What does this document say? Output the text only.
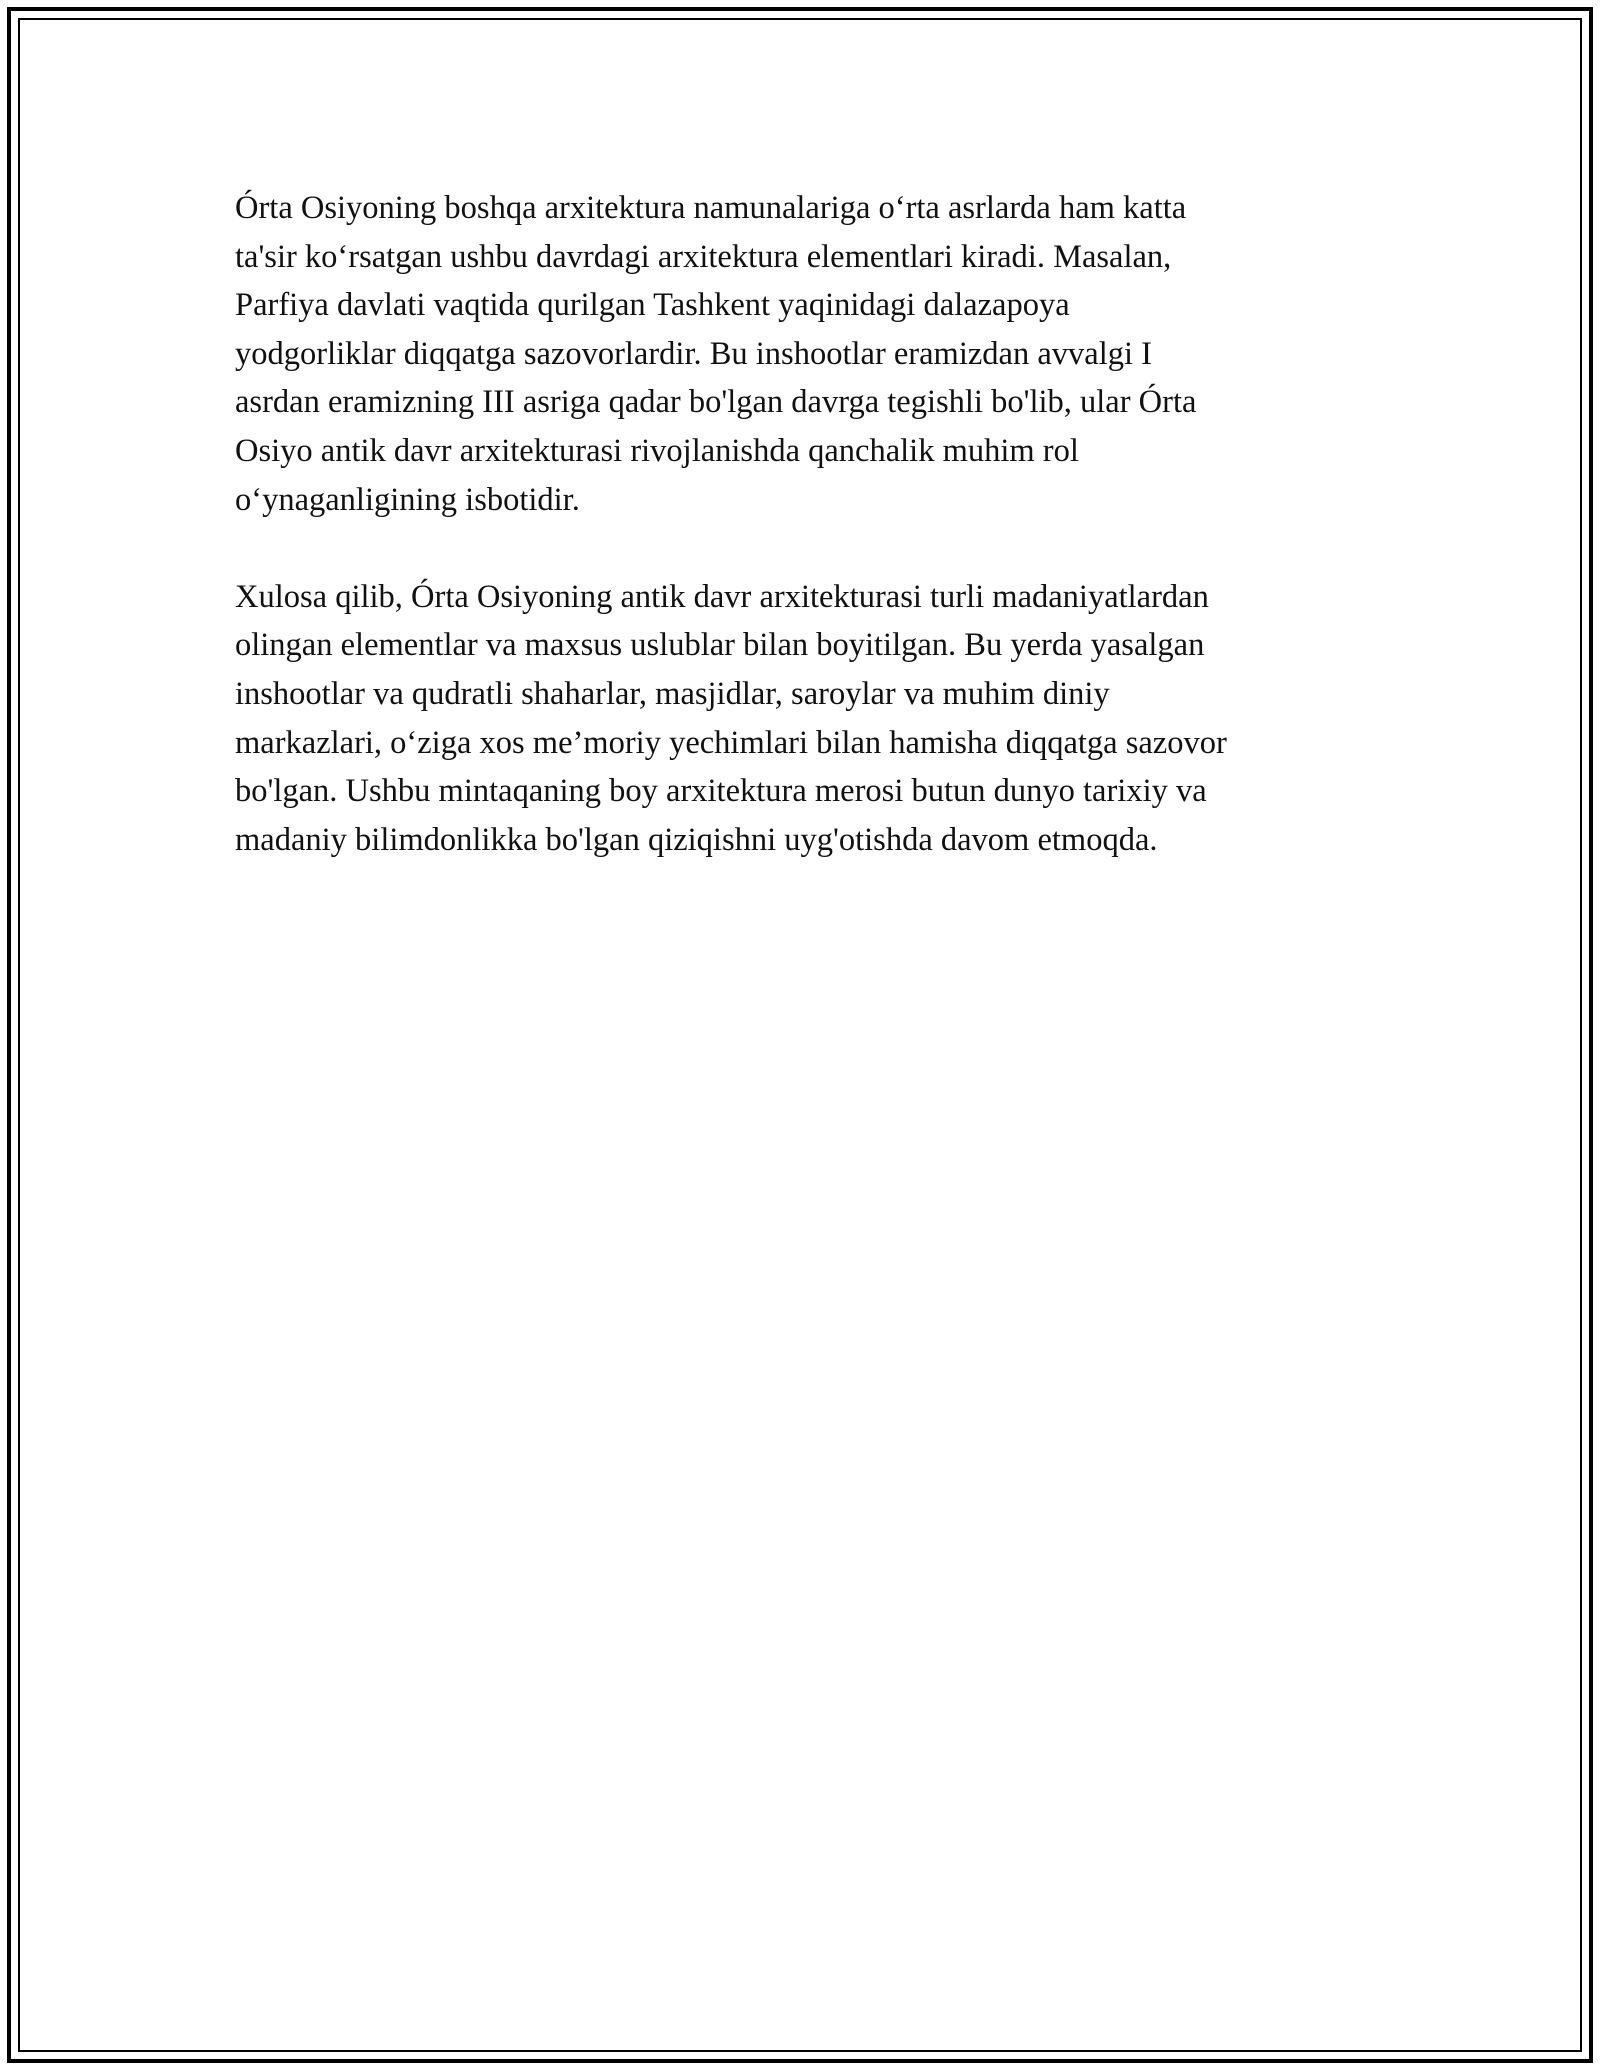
Órta Osiyoning boshqa arxitektura namunalariga o‘rta asrlarda ham katta
ta'sir ko‘rsatgan ushbu davrdagi arxitektura elementlari kiradi. Masalan,
Parfiya davlati vaqtida qurilgan Tashkent yaqinidagi dalazapoya
yodgorliklar diqqatga sazovorlardir. Bu inshootlar eramizdan avvalgi I
asrdan eramizning III asriga qadar bo'lgan davrga tegishli bo'lib, ular Órta
Osiyo antik davr arxitekturasi rivojlanishda qanchalik muhim rol
o‘ynaganligining isbotidir.

Xulosa qilib, Órta Osiyoning antik davr arxitekturasi turli madaniyatlardan
olingan elementlar va maxsus uslublar bilan boyitilgan. Bu yerda yasalgan
inshootlar va qudratli shaharlar, masjidlar, saroylar va muhim diniy
markazlari, o‘ziga xos me’moriy yechimlari bilan hamisha diqqatga sazovor
bo'lgan. Ushbu mintaqaning boy arxitektura merosi butun dunyo tarixiy va
madaniy bilimdonlikka bo'lgan qiziqishni uyg'otishda davom etmoqda.
